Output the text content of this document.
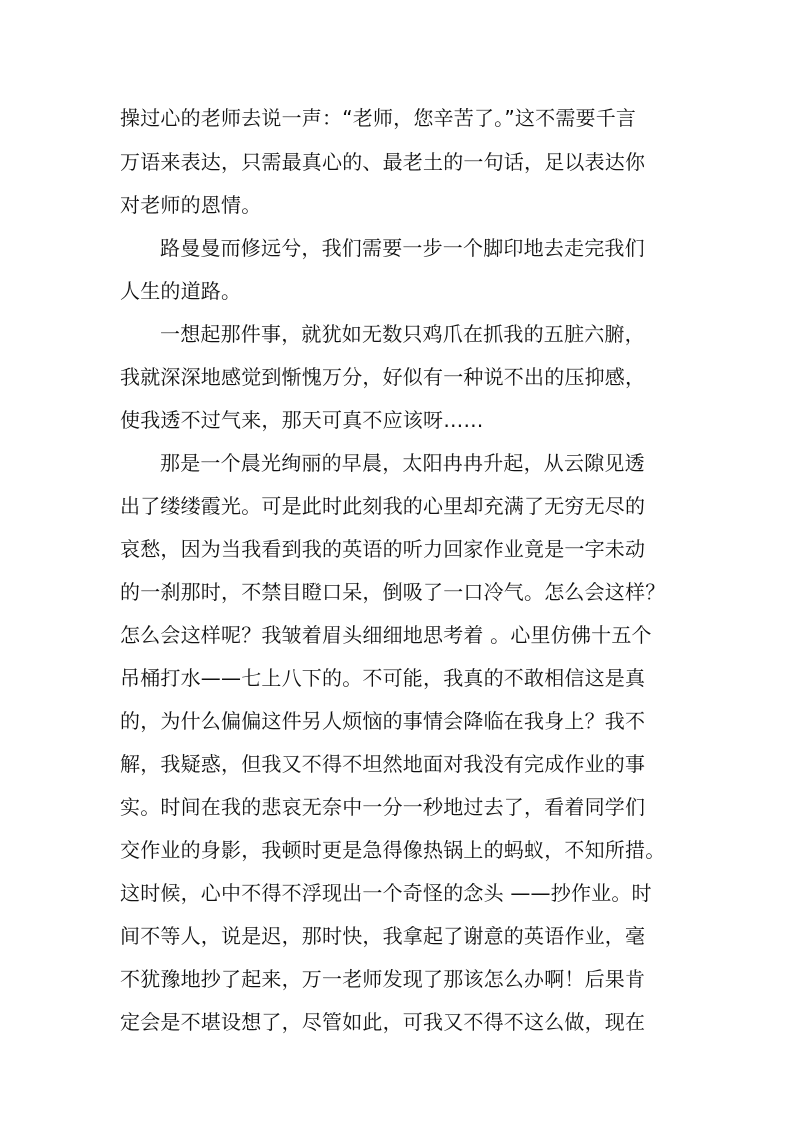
操过心的老师去说一声：“老师，您辛苦了。”这不需要千言
万语来表达，只需最真心的、最老土的一句话，足以表达你
对老师的恩情。
路曼曼而修远兮，我们需要一步一个脚印地去走完我们
人生的道路。
一想起那件事，就犹如无数只鸡爪在抓我的五脏六腑，
我就深深地感觉到惭愧万分，好似有一种说不出的压抑感，
使我透不过气来，那天可真不应该呀……
那是一个晨光绚丽的早晨，太阳冉冉升起，从云隙见透
出了缕缕霞光。可是此时此刻我的心里却充满了无穷无尽的
哀愁，因为当我看到我的英语的听力回家作业竟是一字未动
的一刹那时，不禁目瞪口呆，倒吸了一口冷气。怎么会这样？
怎么会这样呢？我皱着眉头细细地思考着 。心里仿佛十五个
吊桶打水——七上八下的。不可能，我真的不敢相信这是真
的，为什么偏偏这件另人烦恼的事情会降临在我身上？我不
解，我疑惑，但我又不得不坦然地面对我没有完成作业的事
实。时间在我的悲哀无奈中一分一秒地过去了，看着同学们
交作业的身影，我顿时更是急得像热锅上的蚂蚁，不知所措。
这时候，心中不得不浮现出一个奇怪的念头 ——抄作业。时
间不等人，说是迟，那时快，我拿起了谢意的英语作业，毫
不犹豫地抄了起来，万一老师发现了那该怎么办啊！后果肯
定会是不堪设想了，尽管如此，可我又不得不这么做，现在
